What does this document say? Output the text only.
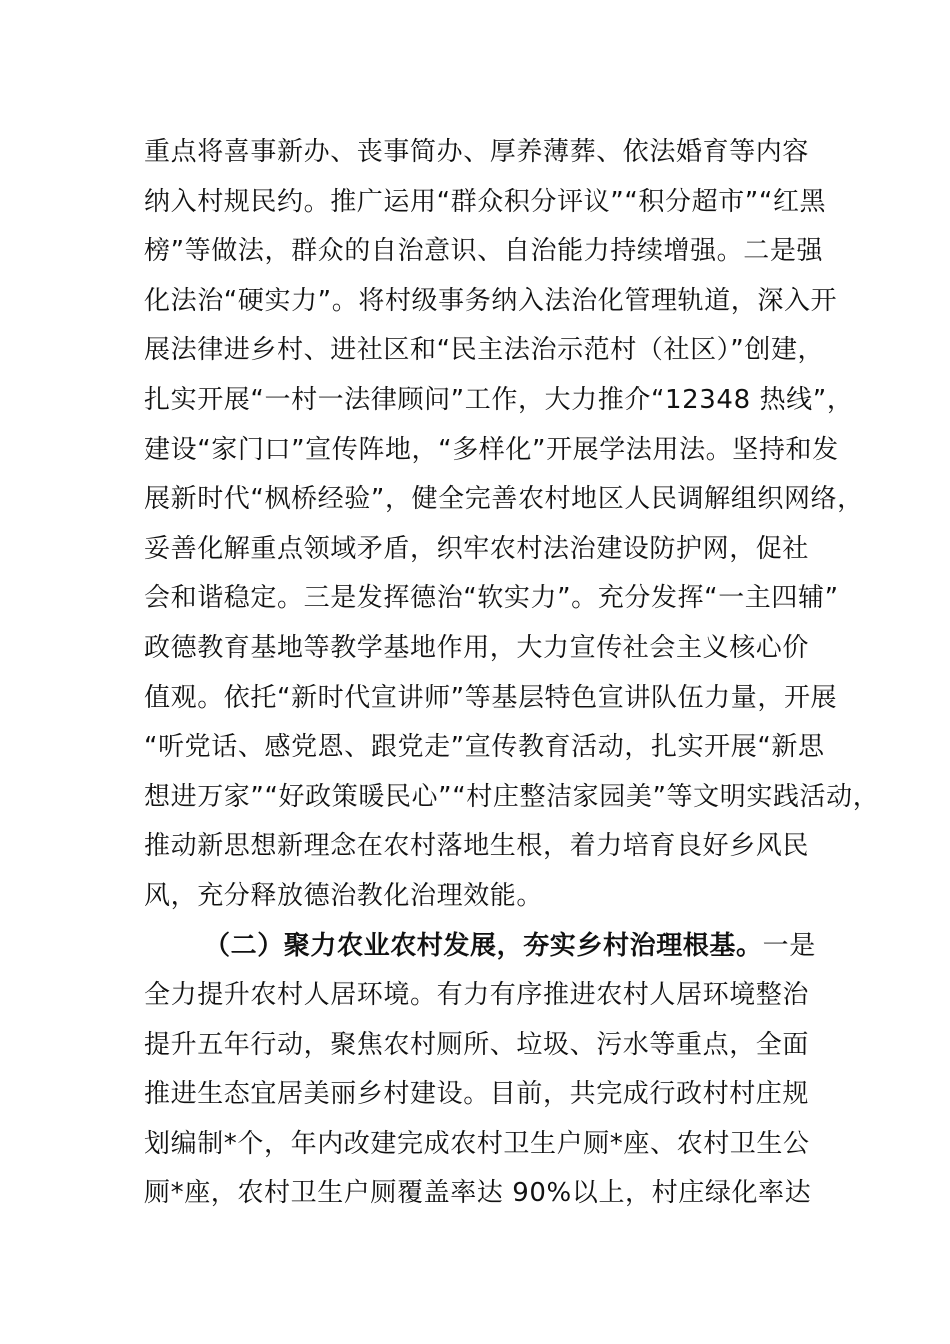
重点将喜事新办、丧事简办、厚养薄葬、依法婚育等内容
纳入村规民约。推广运用“群众积分评议”“积分超市”“红黑
榜”等做法，群众的自治意识、自治能力持续增强。二是强
化法治“硬实力”。将村级事务纳入法治化管理轨道，深入开
展法律进乡村、进社区和“民主法治示范村（社区）”创建，
扎实开展“一村一法律顾问”工作，大力推介“12348 热线”，
建设“家门口”宣传阵地，“多样化”开展学法用法。坚持和发
展新时代“枫桥经验”，健全完善农村地区人民调解组织网络，
妥善化解重点领域矛盾，织牢农村法治建设防护网，促社
会和谐稳定。三是发挥德治“软实力”。充分发挥“一主四辅”
政德教育基地等教学基地作用，大力宣传社会主义核心价
值观。依托“新时代宣讲师”等基层特色宣讲队伍力量，开展
“听党话、感党恩、跟党走”宣传教育活动，扎实开展“新思
想进万家”“好政策暖民心”“村庄整洁家园美”等文明实践活动，
推动新思想新理念在农村落地生根，着力培育良好乡风民
风，充分释放德治教化治理效能。
（二）聚力农业农村发展，夯实乡村治理根基。一是
全力提升农村人居环境。有力有序推进农村人居环境整治
提升五年行动，聚焦农村厕所、垃圾、污水等重点，全面
推进生态宜居美丽乡村建设。目前，共完成行政村村庄规
划编制*个，年内改建完成农村卫生户厕*座、农村卫生公
厕*座，农村卫生户厕覆盖率达 90%以上，村庄绿化率达
